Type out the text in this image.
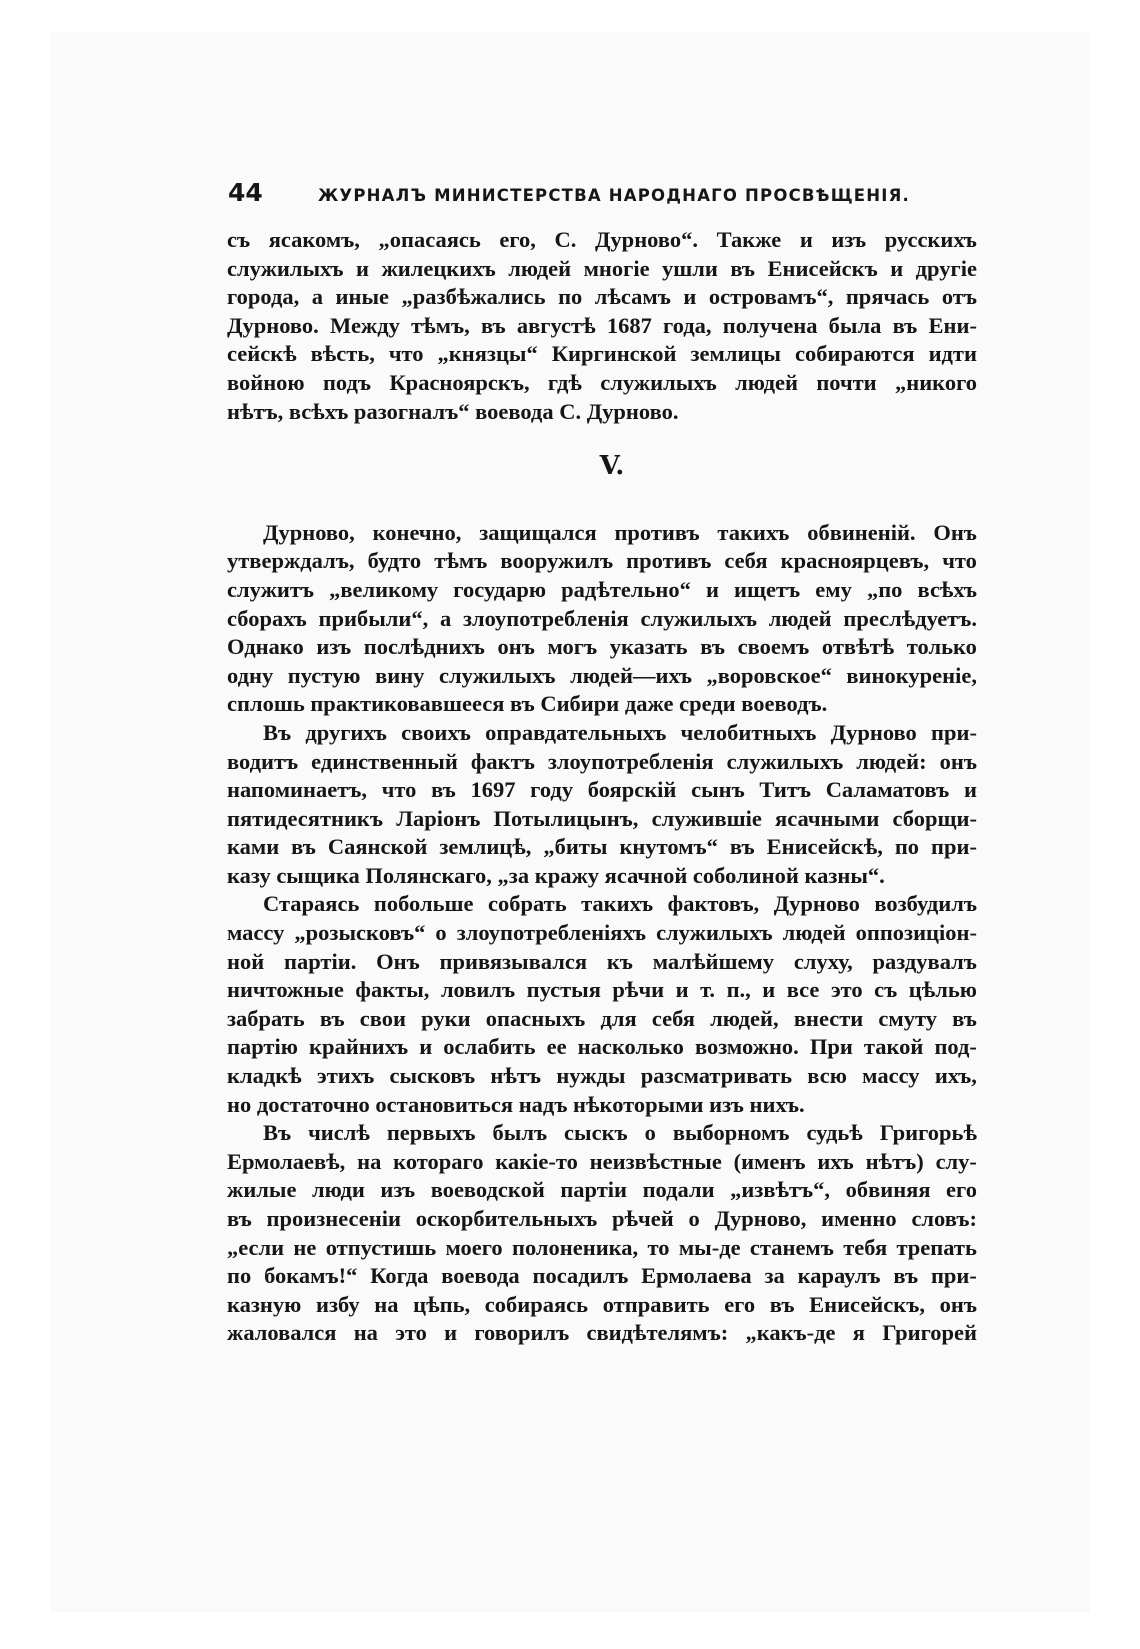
44	ЖУРНАЛЪ МИНИСТЕРСТВА НАРОДНАГО ПРОСВѢЩЕНІЯ.
съ ясакомъ, „опасаясь его, С. Дурново“. Также и изъ русскихъ
служилыхъ и жилецкихъ людей многіе ушли въ Енисейскъ и другіе
города, а иные „разбѣжались по лѣсамъ и островамъ“, прячась отъ
Дурново. Между тѣмъ, въ августѣ 1687 года, получена была въ Ени-
сейскѣ вѣсть, что „князцы“ Киргинской землицы собираются идти
войною подъ Красноярскъ, гдѣ служилыхъ людей почти „никого
нѣтъ, всѣхъ разогналъ“ воевода С. Дурново.
V.
Дурново, конечно, защищался противъ такихъ обвиненій. Онъ
утверждалъ, будто тѣмъ вооружилъ противъ себя красноярцевъ, что
служитъ „великому государю радѣтельно“ и ищетъ ему „по всѣхъ
сборахъ прибыли“, а злоупотребленія служилыхъ людей преслѣдуетъ.
Однако изъ послѣднихъ онъ могъ указать въ своемъ отвѣтѣ только
одну пустую вину служилыхъ людей—ихъ „воровское“ винокуреніе,
сплошь практиковавшееся въ Сибири даже среди воеводъ.
Въ другихъ своихъ оправдательныхъ челобитныхъ Дурново при-
водитъ единственный фактъ злоупотребленія служилыхъ людей: онъ
напоминаетъ, что въ 1697 году боярскій сынъ Титъ Саламатовъ и
пятидесятникъ Ларіонъ Потылицынъ, служившіе ясачными сборщи-
ками въ Саянской землицѣ, „биты кнутомъ“ въ Енисейскѣ, по при-
казу сыщика Полянскаго, „за кражу ясачной соболиной казны“.
Стараясь побольше собрать такихъ фактовъ, Дурново возбудилъ
массу „розысковъ“ о злоупотребленіяхъ служилыхъ людей оппозиціон-
ной партіи. Онъ привязывался къ малѣйшему слуху, раздувалъ
ничтожные факты, ловилъ пустыя рѣчи и т. п., и все это съ цѣлью
забрать въ свои руки опасныхъ для себя людей, внести смуту въ
партію крайнихъ и ослабить ее насколько возможно. При такой под-
кладкѣ этихъ сысковъ нѣтъ нужды разсматривать всю массу ихъ,
но достаточно остановиться надъ нѣкоторыми изъ нихъ.
Въ числѣ первыхъ былъ сыскъ о выборномъ судьѣ Григорьѣ
Ермолаевѣ, на котораго какіе-то неизвѣстные (именъ ихъ нѣтъ) слу-
жилые люди изъ воеводской партіи подали „извѣтъ“, обвиняя его
въ произнесеніи оскорбительныхъ рѣчей о Дурново, именно словъ:
„если не отпустишь моего полоненика, то мы-де станемъ тебя трепать
по бокамъ!“ Когда воевода посадилъ Ермолаева за караулъ въ при-
казную избу на цѣпь, собираясь отправить его въ Енисейскъ, онъ
жаловался на это и говорилъ свидѣтелямъ: „какъ-де я Григорей
